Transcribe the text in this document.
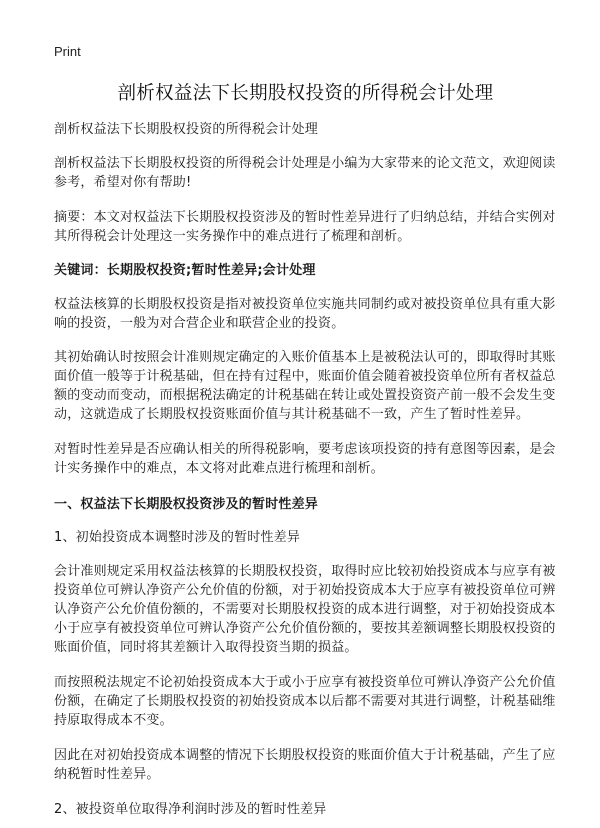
Print
剖析权益法下长期股权投资的所得税会计处理

剖析权益法下长期股权投资的所得税会计处理

剖析权益法下长期股权投资的所得税会计处理是小编为大家带来的论文范文，欢迎阅读参考，希望对你有帮助!

摘要：本文对权益法下长期股权投资涉及的暂时性差异进行了归纳总结，并结合实例对其所得税会计处理这一实务操作中的难点进行了梳理和剖析。

关键词：长期股权投资;暂时性差异;会计处理

权益法核算的长期股权投资是指对被投资单位实施共同制约或对被投资单位具有重大影响的投资，一般为对合营企业和联营企业的投资。

其初始确认时按照会计准则规定确定的入账价值基本上是被税法认可的，即取得时其账面价值一般等于计税基础，但在持有过程中，账面价值会随着被投资单位所有者权益总额的变动而变动，而根据税法确定的计税基础在转让或处置投资资产前一般不会发生变动，这就造成了长期股权投资账面价值与其计税基础不一致，产生了暂时性差异。

对暂时性差异是否应确认相关的所得税影响，要考虑该项投资的持有意图等因素，是会计实务操作中的难点，本文将对此难点进行梳理和剖析。

一、权益法下长期股权投资涉及的暂时性差异

1、初始投资成本调整时涉及的暂时性差异

会计准则规定采用权益法核算的长期股权投资，取得时应比较初始投资成本与应享有被投资单位可辨认净资产公允价值的份额，对于初始投资成本大于应享有被投资单位可辨认净资产公允价值份额的，不需要对长期股权投资的成本进行调整，对于初始投资成本小于应享有被投资单位可辨认净资产公允价值份额的，要按其差额调整长期股权投资的账面价值，同时将其差额计入取得投资当期的损益。

而按照税法规定不论初始投资成本大于或小于应享有被投资单位可辨认净资产公允价值份额，在确定了长期股权投资的初始投资成本以后都不需要对其进行调整，计税基础维持原取得成本不变。

因此在对初始投资成本调整的情况下长期股权投资的账面价值大于计税基础，产生了应纳税暂时性差异。

2、被投资单位取得净利润时涉及的暂时性差异
